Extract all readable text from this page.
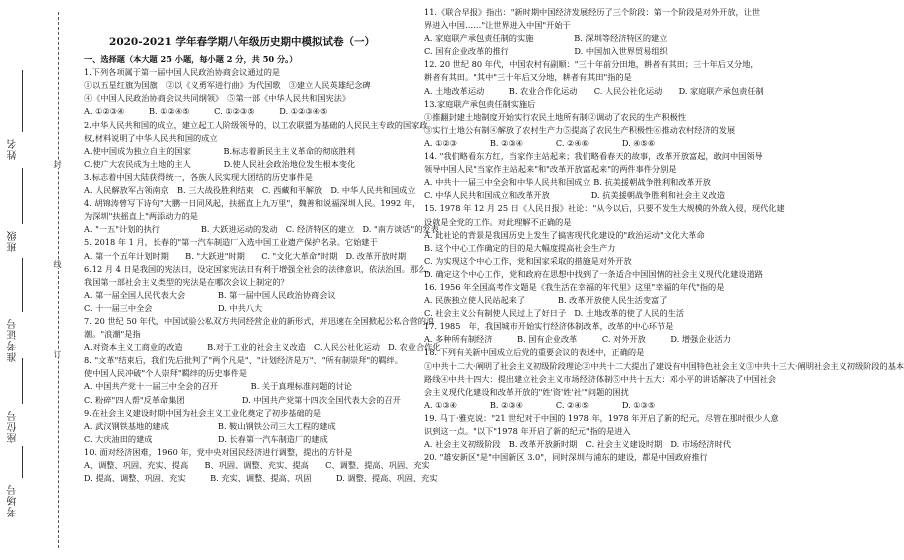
姓名
班级
准考证号
座位号
考场号
封
线
订
2020-2021 学年春学期八年级历史期中模拟试卷（一）
一、选择题（本大题 25 小题，每小题 2 分，共 50 分。）
1.下列各项属于第一届中国人民政治协商会议通过的是
①以五星红旗为国旗　②以《义勇军进行曲》为代国歌　③建立人民英雄纪念碑
④《中国人民政治协商会议共同纲领》　⑤第一部《中华人民共和国宪法》
A. ①②③④　　　B. ①②④⑤　　　C. ①②③⑤　　　D. ①②③④⑤
2.中华人民共和国的成立，建立起工人阶级领导的，以工农联盟为基础的人民民主专政的国家政
权,材料说明了中华人民共和国的成立
A.使中国成为独立自主的国家　　　　B.标志着新民主主义革命的彻底胜利
C.使广大农民成为土地的主人　　　　D.使人民社会政治地位发生根本变化
3.标志着中国大陆获得统一，各族人民实现大团结的历史事件是
A. 人民解放军占领南京　B. 三大战役胜利结束　C. 西藏和平解放　D. 中华人民共和国成立
4. 胡锦涛曾写下诗句"大鹏一日同风起，扶摇直上九万里"，魏善和说福深圳人民。1992 年，
为深圳"扶摇直上"两添动力的是
A. "一五"计划的执行　　　　　B. 大跃进运动的发动　C. 经济特区的建立　D. "南方谈话"的发表
5. 2018 年 1 月，长春的"第一汽车制造厂入选中国工业遗产保护名录。它始建于
A. 第一个五年计划时期　　B. "大跃进"时期　　C. "文化大革命"时期　D. 改革开放时期
6.12 月 4 日是我国的宪法日，设定国家宪法日有利于增强全社会的法律意识，依法治国。那么，
我国第一部社会主义类型的宪法是在哪次会议上制定的？
A. 第一届全国人民代表大会　　　　B. 第一届中国人民政治协商会议
C. 十一届三中全会　　　　　　　　D. 中共八大
7. 20 世纪 50 年代，中国试验公私双方共同经营企业的新形式，并迅速在全国掀起公私合营的浪
潮。"浪潮"是指
A.对资本主义工商业的改造　　　B.对于工业的社会主义改造　C.人民公社化运动　D. 农业合作化
8. "文革"结束后，我们先后批判了"两个凡是"、"计划经济是万"、"所有制崇拜"的羁绊。
使中国人民冲破"个人崇拜"羁绊的历史事件是
A. 中国共产党十一届三中全会的召开　　　　B. 关于真理标准问题的讨论
C. 粉碎"四人帮"反革命集团　　　　　　　D. 中国共产党第十四次全国代表大会的召开
9.在社会主义建设时期中国为社会主义工业化奠定了初步基础的是
A. 武汉钢铁基地的建成　　　　　　B. 鞍山钢铁公司三大工程的建成
C. 大庆油田的建成　　　　　　　　D. 长春第一汽车制造厂的建成
10. 面对经济困难，1960 年，党中央对国民经济进行调整，提出的方针是
A、调整、巩固、充实、提高　　B、巩固、调整、充实、提高　　C、调整、提高、巩固、充实
D. 提高、调整、巩固、充实　　　B. 充实、调整、提高、巩固　　　D. 调整、提高、巩固、充实
11.《联合早报》指出："新时期中国经济发展经历了三个阶段：第一个阶段是对外开放，让世
界进入中国……"让世界进入中国"开始于
A. 家庭联产承包责任制的实施　　　　　B. 深圳等经济特区的建立
C. 国有企业改革的推行　　　　　　　　D. 中国加入世界贸易组织
12. 20 世纪 80 年代，中国农村有副顺："三十年前分田地，耕者有其田；三十年后又分地，
耕者有其田。"其中"三十年后又分地，耕者有其田"指的是
A. 土地改革运动　　　B. 农业合作化运动　　C. 人民公社化运动　　D. 家庭联产承包责任制
13.家庭联产承包责任制实施后
①推翻封建土地制度开始实行农民土地所有制②调动了农民的生产积极性
③实行土地公有制④解放了农村生产力⑤提高了农民生产积极性⑥推动农村经济的发展
A. ①②③　　　　B. ②③④　　　　C. ②④⑥　　　　D. ④⑤⑥
14. "我们略看东方红，当家作主站起来；我们略看春天的故事，改革开放富起，敢问中国领导
领导中国人民"当家作主站起来"和"改革开放富起来"的两件事件分别是
A. 中共十一届三中全会和中华人民共和国成立 B. 抗美援朝战争胜利和改革开放
C. 中华人民共和国成立和改革开放　　　　　D. 抗美援朝战争胜利和社会主义改造
15. 1978 年 12 月 25 日《人民日报》社论："从今以后，只要不发生大规模的外敌入侵，现代化建
设就是全党的工作。对此理解不正确的是
A. 此社论的背景是我国历史上发生了搞害现代化建设的"政治运动"文化大革命
B. 这个中心工作确定的目的是大幅度提高社会生产力
C. 为实现这个中心工作，党和国家采取的措施是对外开放
D. 确定这个中心工作，党和政府在思想中找到了一条适合中国国情的社会主义现代化建设道路
16. 1956 年全国高考作文题是《我生活在幸福的年代里》这里"幸福的年代"指的是
A. 民族独立使人民站起来了　　　　B. 改革开放使人民生活变富了
C. 社会主义公有制使人民过上了好日子　D. 土地改革的使了人民的生活
17. 1985　年，我国城市开始实行经济体制改革，改革的中心环节是
A. 多种所有制经济　　　B. 国有企业改革　　　C. 对外开放　　　D. 增强企业活力
18. 下列有关新中国成立后党的重要会议的表述中，正确的是
①中共十二大·阐明了社会主义初级阶段理论②中共十二大提出了建设有中国特色社会主义③中共十三大·阐明社会主义初级阶段的基本
路线④中共十四大：提出建立社会主义市场经济体制⑤中共十五大：邓小平的讲话解决了中国社会
会主义现代化建设和改革开放的"姓'资'姓'社'"问题的困扰
A. ①③④　　　　B. ②③④　　　　C. ②④⑤　　　　D. ①③⑤
19. 马丁·雅克说："21 世纪对于中国的 1978 年，1978 年开启了新的纪元，尽管在那时很少人意
识到这一点。"以下"1978 年开启了新的纪元"指的是进入
A. 社会主义初级阶段　B. 改革开放新时期　C. 社会主义建设时期　D. 市场经济时代
20. "雄安新区"是"中国新区 3.0"，同时深圳与浦东的建设，都是中国政府推行
